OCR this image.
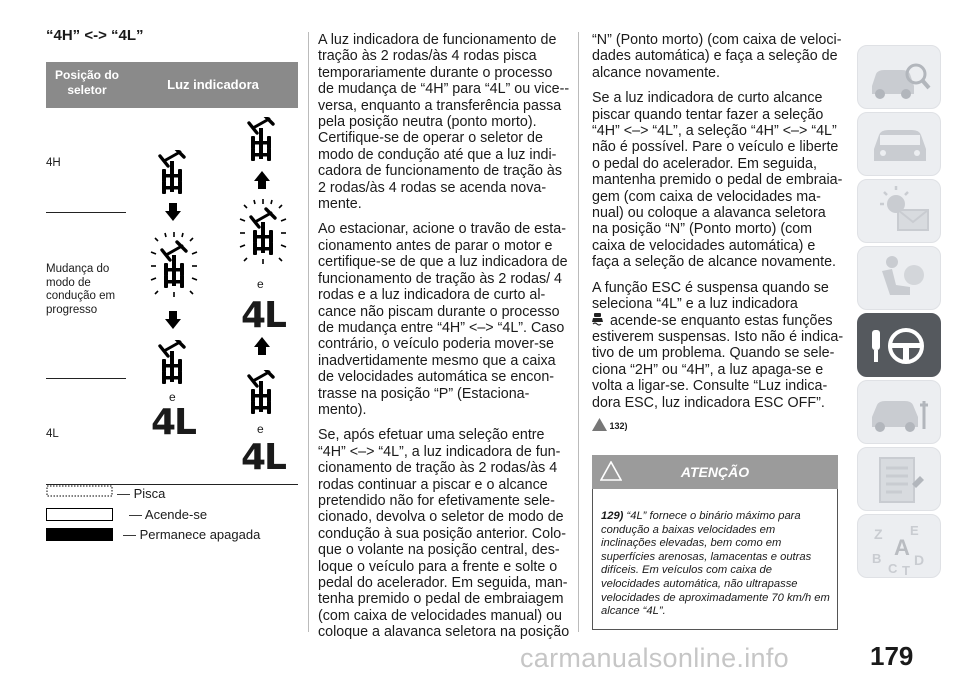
“4H” <-> “4L”
Posição do seletor	Luz indicadora
4H
Mudança do modo de condução em progresso
4L
e
4L
e
4L
e
4L
— Pisca
— Acende-se
— Permanece apagada

A luz indicadora de funcionamento de tração às 2 rodas/às 4 rodas pisca temporariamente durante o processo de mudança de “4H” para “4L” ou vice--versa, enquanto a transferência passa pela posição neutra (ponto morto). Certifique-se de operar o seletor de modo de condução até que a luz indi-cadora de funcionamento de tração às 2 rodas/às 4 rodas se acenda nova-mente.

Ao estacionar, acione o travão de esta-cionamento antes de parar o motor e certifique-se de que a luz indicadora de funcionamento de tração às 2 rodas/ 4 rodas e a luz indicadora de curto al-cance não piscam durante o processo de mudança entre “4H” <–> “4L”. Caso contrário, o veículo poderia mover-se inadvertidamente mesmo que a caixa de velocidades automática se encon-trasse na posição “P” (Estaciona-mento).

Se, após efetuar uma seleção entre “4H” <–> “4L”, a luz indicadora de fun-cionamento de tração às 2 rodas/às 4 rodas continuar a piscar e o alcance pretendido não for efetivamente sele-cionado, devolva o seletor de modo de condução à sua posição anterior. Colo-que o volante na posição central, des-loque o veículo para a frente e solte o pedal do acelerador. Em seguida, man-tenha premido o pedal de embraiagem (com caixa de velocidades manual) ou coloque a alavanca seletora na posição

“N” (Ponto morto) (com caixa de veloci-dades automática) e faça a seleção de alcance novamente.

Se a luz indicadora de curto alcance piscar quando tentar fazer a seleção “4H” <–> “4L”, a seleção “4H” <–> “4L” não é possível. Pare o veículo e liberte o pedal do acelerador. Em seguida, mantenha premido o pedal de embraia-gem (com caixa de velocidades ma-nual) ou coloque a alavanca seletora na posição “N” (Ponto morto) (com caixa de velocidades automática) e faça a seleção de alcance novamente.

A função ESC é suspensa quando se seleciona “4L” e a luz indicadora

acende-se enquanto estas funções estiverem suspensas. Isto não é indica-tivo de um problema. Quando se sele-ciona “2H” ou “4H”, a luz apaga-se e volta a ligar-se. Consulte “Luz indica-dora ESC, luz indicadora ESC OFF”.

132)
ATENÇÃO
129) “4L” fornece o binário máximo para condução a baixas velocidades em inclinações elevadas, bem como em superfícies arenosas, lamacentas e outras difíceis. Em veículos com caixa de velocidades automática, não ultrapasse velocidades de aproximadamente 70 km/h em alcance “4L”.
Z E
A
B D
C T
carmanualsonline.info	179
